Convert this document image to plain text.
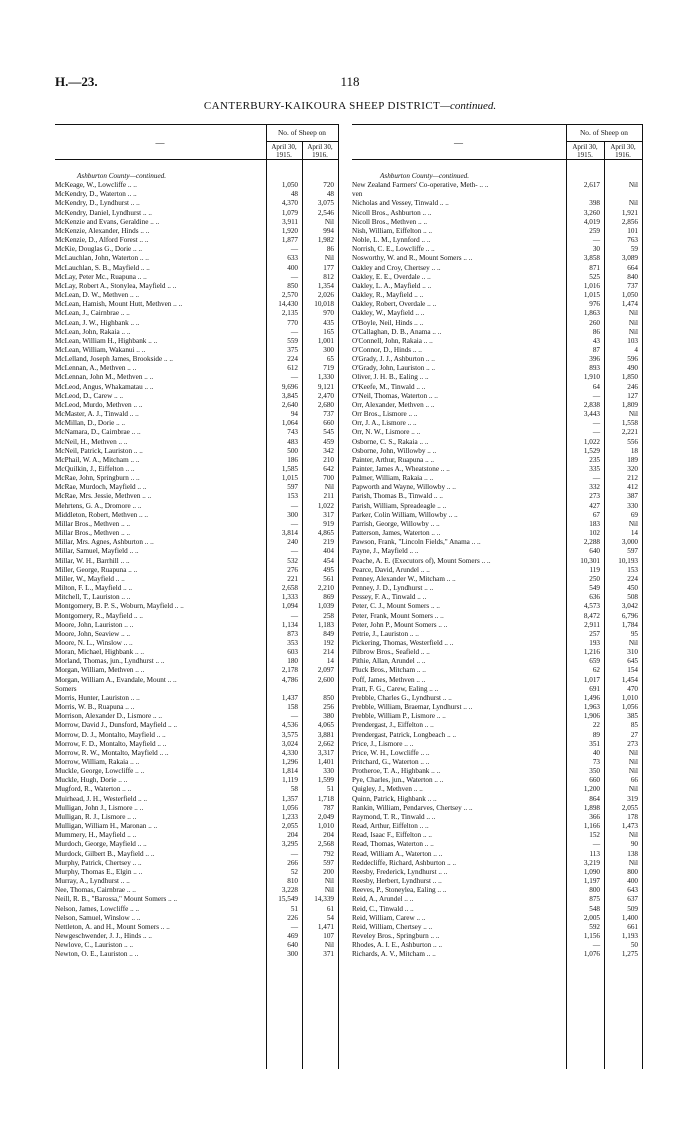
H.—23.	118
CANTERBURY-KAIKOURA SHEEP DISTRICT—continued.
No. of Sheep on
April 30, 1915.
April 30, 1916.
—
Ashburton County—continued.
McKeage, W., Lowcliffe .. ..	1,050	720
McKendry, D., Waterton .. ..	48	48
McKendry, D., Lyndhurst .. ..	4,370	3,075
McKendry, Daniel, Lyndhurst .. ..	1,079	2,546
McKenzie and Evans, Geraldine .. ..	3,911	Nil
McKenzie, Alexander, Hinds .. ..	1,920	994
McKenzie, D., Alford Forest .. ..	1,877	1,982
McKie, Douglas G., Dorie .. ..	—	86
McLauchlan, John, Waterton .. ..	633	Nil
McLauchlan, S. B., Mayfield .. ..	400	177
McLay, Peter Mc., Ruapuna .. ..	—	812
McLay, Robert A., Stonylea, Mayfield .. ..	850	1,354
McLean, D. W., Methven .. ..	2,570	2,026
McLean, Hamish, Mount Hutt, Methven .. ..	14,430	10,018
McLean, J., Cairnbrae .. ..	2,135	970
McLean, J. W., Highbank .. ..	770	435
McLean, John, Rakaia .. ..	—	165
McLean, William H., Highbank .. ..	559	1,001
McLean, William, Wakanui .. ..	375	300
McLelland, Joseph James, Brookside .. ..	224	65
McLennan, A., Methven .. ..	612	719
McLennan, John M., Methven .. ..	—	1,330
McLeod, Angus, Whakamatau .. ..	9,696	9,121
McLeod, D., Carew .. ..	3,845	2,470
McLeod, Murdo, Methven .. ..	2,640	2,680
McMaster, A. J., Tinwald .. ..	94	737
McMillan, D., Dorie .. ..	1,064	660
McNamara, D., Cairnbrae .. ..	743	545
McNeil, H., Methven .. ..	483	459
McNeil, Patrick, Lauriston .. ..	500	342
McPhail, W. A., Mitcham .. ..	186	210
McQuilkin, J., Eiffelton .. ..	1,585	642
McRae, John, Springburn .. ..	1,015	700
McRae, Murdoch, Mayfield .. ..	597	Nil
McRae, Mrs. Jessie, Methven .. ..	153	211
Mehrtens, G. A., Dromore .. ..	—	1,022
Middleton, Robert, Methven .. ..	300	317
Millar Bros., Methven .. ..	—	919
Millar Bros., Methven .. ..	3,814	4,865
Millar, Mrs. Agnes, Ashburton .. ..	240	219
Millar, Samuel, Mayfield .. ..	—	404
Millar, W. H., Barrhill .. ..	532	454
Miller, George, Ruapuna .. ..	276	495
Miller, W., Mayfield .. ..	221	561
Milton, F. L., Mayfield .. ..	2,658	2,210
Mitchell, T., Lauriston .. ..	1,333	869
Montgomery, B. P. S., Woburn, Mayfield .. ..	1,094	1,039
Montgomery, R., Mayfield .. ..	—	258
Moore, John, Lauriston .. ..	1,134	1,183
Moore, John, Seaview .. ..	873	849
Moore, N. L., Winslow .. ..	353	192
Moran, Michael, Highbank .. ..	603	214
Morland, Thomas, jun., Lyndhurst .. ..	180	14
Morgan, William, Methven .. ..	2,178	2,097
Morgan, William A., Evandale, Mount .. ..	4,786	2,600
Somers
Morris, Hunter, Lauriston .. ..	1,437	850
Morris, W. B., Ruapuna .. ..	158	256
Morrison, Alexander D., Lismore .. ..	—	380
Morrow, David J., Dunsford, Mayfield .. ..	4,536	4,065
Morrow, D. J., Montalto, Mayfield .. ..	3,575	3,881
Morrow, F. D., Montalto, Mayfield .. ..	3,024	2,662
Morrow, R. W., Montalto, Mayfield .. ..	4,330	3,317
Morrow, William, Rakaia .. ..	1,296	1,401
Muckle, George, Lowcliffe .. ..	1,814	330
Muckle, Hugh, Dorie .. ..	1,119	1,599
Mugford, R., Waterton .. ..	58	51
Muirhead, J. H., Westerfield .. ..	1,357	1,718
Mulligan, John J., Lismore .. ..	1,056	787
Mulligan, R. J., Lismore .. ..	1,233	2,049
Mulligan, William H., Maronan .. ..	2,055	1,010
Mummery, H., Mayfield .. ..	204	204
Murdoch, George, Mayfield .. ..	3,295	2,568
Murdock, Gilbert B., Mayfield .. ..	—	792
Murphy, Patrick, Chertsey .. ..	266	597
Murphy, Thomas E., Elgin .. ..	52	200
Murray, A., Lyndhurst .. ..	810	Nil
Nee, Thomas, Cairnbrae .. ..	3,228	Nil
Neill, R. B., "Barossa," Mount Somers .. ..	15,549	14,339
Nelson, James, Lowcliffe .. ..	51	61
Nelson, Samuel, Winslow .. ..	226	54
Nettleton, A. and H., Mount Somers .. ..	—	1,471
Newgeschwender, J. J., Hinds .. ..	469	107
Newlove, C., Lauriston .. ..	640	Nil
Newton, O. E., Lauriston .. ..	300	371
No. of Sheep on
April 30, 1915.
April 30, 1916.
—
Ashburton County—continued.
New Zealand Farmers' Co-operative, Meth- .. ..	2,617	Nil
ven
Nicholas and Vessey, Tinwald .. ..	398	Nil
Nicoll Bros., Ashburton .. ..	3,260	1,921
Nicoll Bros., Methven .. ..	4,019	2,856
Nish, William, Eiffelton .. ..	259	101
Noble, L. M., Lynnford .. ..	—	763
Norrish, C. E., Lowcliffe .. ..	30	59
Nosworthy, W. and R., Mount Somers .. ..	3,858	3,089
Oakley and Croy, Chertsey .. ..	871	664
Oakley, E. E., Overdale .. ..	525	840
Oakley, L. A., Mayfield .. ..	1,016	737
Oakley, R., Mayfield .. ..	1,015	1,050
Oakley, Robert, Overdale .. ..	976	1,474
Oakley, W., Mayfield .. ..	1,863	Nil
O'Boyle, Neil, Hinds .. ..	260	Nil
O'Callaghan, D. B., Anama .. ..	86	Nil
O'Connell, John, Rakaia .. ..	43	103
O'Connor, D., Hinds .. ..	87	4
O'Grady, J. J., Ashburton .. ..	396	596
O'Grady, John, Lauriston .. ..	893	490
Oliver, J. H. B., Ealing .. ..	1,910	1,850
O'Keefe, M., Tinwald .. ..	64	246
O'Neil, Thomas, Waterton .. ..	—	127
Orr, Alexander, Methven .. ..	2,838	1,809
Orr Bros., Lismore .. ..	3,443	Nil
Orr, J. A., Lismore .. ..	—	1,558
Orr, N. W., Lismore .. ..	—	2,221
Osborne, C. S., Rakaia .. ..	1,022	556
Osborne, John, Willowby .. ..	1,529	18
Painter, Arthur, Ruapuna .. ..	235	189
Painter, James A., Wheatstone .. ..	335	320
Palmer, William, Rakaia .. ..	—	212
Papworth and Wayne, Willowby .. ..	332	412
Parish, Thomas B., Tinwald .. ..	273	387
Parish, William, Spreadeagle .. ..	427	330
Parker, Colin William, Willowby .. ..	67	69
Parrish, George, Willowby .. ..	183	Nil
Patterson, James, Waterton .. ..	102	14
Pawson, Frank, "Lincoln Fields," Anama .. ..	2,288	3,000
Payne, J., Mayfield .. ..	640	597
Peache, A. E. (Executors of), Mount Somers .. ..	10,301	10,193
Pearce, David, Arundel .. ..	119	153
Penney, Alexander W., Mitcham .. ..	250	224
Penney, J. D., Lyndhurst .. ..	549	450
Pessey, F. A., Tinwald .. ..	636	508
Peter, C. J., Mount Somers .. ..	4,573	3,042
Peter, Frank, Mount Somers .. ..	8,472	6,796
Peter, John P., Mount Somers .. ..	2,911	1,784
Petrie, J., Lauriston .. ..	257	95
Pickering, Thomas, Westerfield .. ..	193	Nil
Pilbrow Bros., Seafield .. ..	1,216	310
Pithie, Allan, Arundel .. ..	659	645
Pluck Bros., Mitcham .. ..	62	154
Poff, James, Methven .. ..	1,017	1,454
Pratt, F. G., Carew, Ealing .. ..	691	470
Prebble, Charles G., Lyndhurst .. ..	1,496	1,010
Prebble, William, Braemar, Lyndhurst .. ..	1,963	1,056
Prebble, William P., Lismore .. ..	1,906	385
Prendergast, J., Eiffelton .. ..	22	85
Prendergast, Patrick, Longbeach .. ..	89	27
Price, J., Lismore .. ..	351	273
Price, W. H., Lowcliffe .. ..	40	Nil
Pritchard, G., Waterton .. ..	73	Nil
Protheroe, T. A., Highbank .. ..	350	Nil
Pye, Charles, jun., Waterton .. ..	660	66
Quigley, J., Methven .. ..	1,200	Nil
Quinn, Patrick, Highbank .. ..	864	319
Rankin, William, Pendarves, Chertsey .. ..	1,898	2,055
Raymond, T. R., Tinwald .. ..	366	178
Read, Arthur, Eiffelton .. ..	1,166	1,473
Read, Isaac F., Eiffelton .. ..	152	Nil
Read, Thomas, Waterton .. ..	—	90
Read, William A., Waterton .. ..	113	138
Reddecliffe, Richard, Ashburton .. ..	3,219	Nil
Reesby, Frederick, Lyndhurst .. ..	1,090	800
Reesby, Herbert, Lyndhurst .. ..	1,197	400
Reeves, P., Stoneylea, Ealing .. ..	800	643
Reid, A., Arundel .. ..	875	637
Reid, C., Tinwald .. ..	548	509
Reid, William, Carew .. ..	2,005	1,400
Reid, William, Chertsey .. ..	592	661
Reveley Bros., Springburn .. ..	1,156	1,193
Rhodes, A. I. E., Ashburton .. ..	—	50
Richards, A. V., Mitcham .. ..	1,076	1,275
